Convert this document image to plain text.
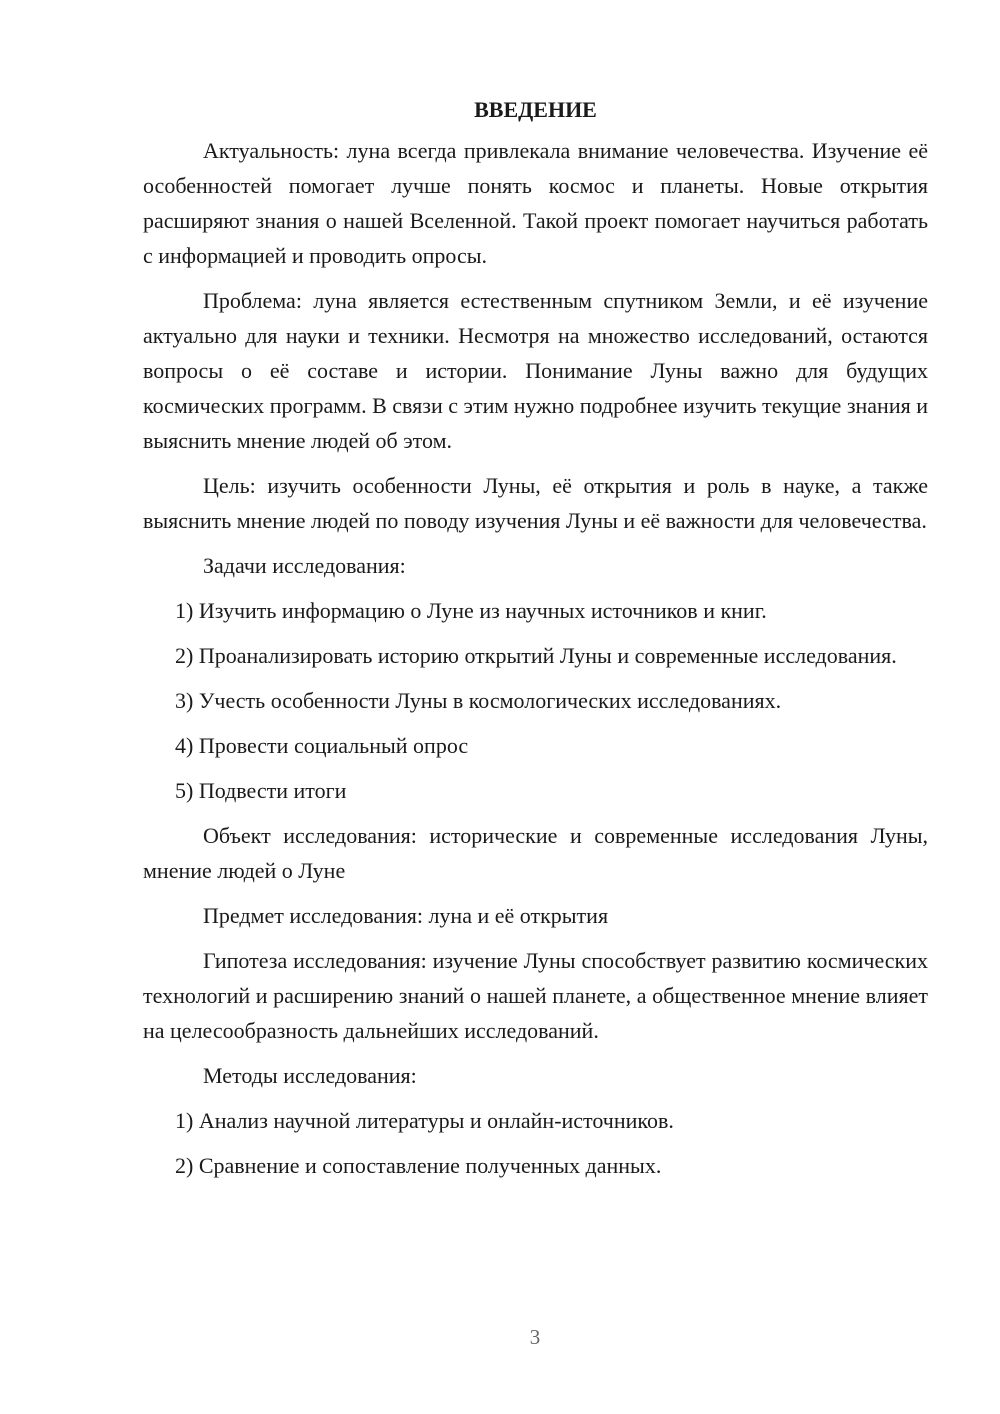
ВВЕДЕНИЕ

Актуальность: луна всегда привлекала внимание человечества. Изучение её особенностей помогает лучше понять космос и планеты. Новые открытия расширяют знания о нашей Вселенной. Такой проект помогает научиться работать с информацией и проводить опросы.

Проблема: луна является естественным спутником Земли, и её изучение актуально для науки и техники. Несмотря на множество исследований, остаются вопросы о её составе и истории. Понимание Луны важно для будущих космических программ. В связи с этим нужно подробнее изучить текущие знания и выяснить мнение людей об этом.

Цель: изучить особенности Луны, её открытия и роль в науке, а также выяснить мнение людей по поводу изучения Луны и её важности для человечества.

Задачи исследования:

1) Изучить информацию о Луне из научных источников и книг.

2) Проанализировать историю открытий Луны и современные исследования.

3) Учесть особенности Луны в космологических исследованиях.

4) Провести социальный опрос

5) Подвести итоги

Объект исследования: исторические и современные исследования Луны, мнение людей о Луне

Предмет исследования: луна и её открытия

Гипотеза исследования: изучение Луны способствует развитию космических технологий и расширению знаний о нашей планете, а общественное мнение влияет на целесообразность дальнейших исследований.

Методы исследования:

1) Анализ научной литературы и онлайн-источников.

2) Сравнение и сопоставление полученных данных.

3
